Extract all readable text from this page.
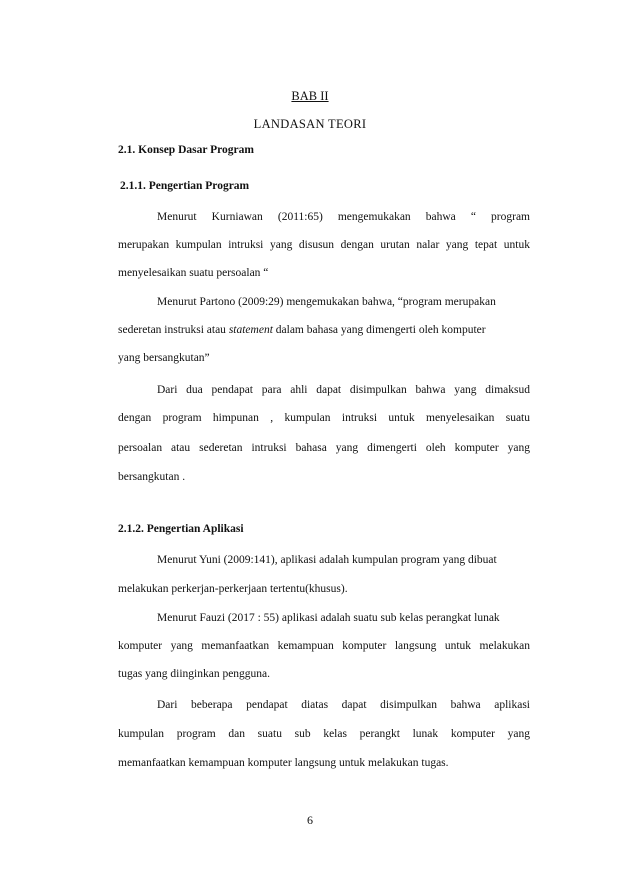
BAB II
LANDASAN TEORI
2.1. Konsep Dasar Program
2.1.1. Pengertian Program
Menurut Kurniawan (2011:65) mengemukakan bahwa “ program
merupakan kumpulan intruksi yang disusun dengan urutan nalar yang tepat untuk
menyelesaikan suatu persoalan “
Menurut Partono (2009:29) mengemukakan bahwa, “program merupakan
sederetan instruksi atau statement dalam bahasa yang dimengerti oleh komputer
yang bersangkutan”
Dari dua pendapat para ahli dapat disimpulkan bahwa yang dimaksud
dengan program himpunan , kumpulan intruksi untuk menyelesaikan suatu
persoalan atau sederetan intruksi bahasa yang dimengerti oleh komputer yang
bersangkutan .
2.1.2. Pengertian Aplikasi
Menurut Yuni (2009:141), aplikasi adalah kumpulan program yang dibuat
melakukan perkerjan-perkerjaan tertentu(khusus).
Menurut Fauzi (2017 : 55) aplikasi adalah suatu sub kelas perangkat lunak
komputer yang memanfaatkan kemampuan komputer langsung untuk melakukan
tugas yang diinginkan pengguna.
Dari beberapa pendapat diatas dapat disimpulkan bahwa aplikasi
kumpulan program dan suatu sub kelas perangkt lunak komputer yang
memanfaatkan kemampuan komputer langsung untuk melakukan tugas.
6
